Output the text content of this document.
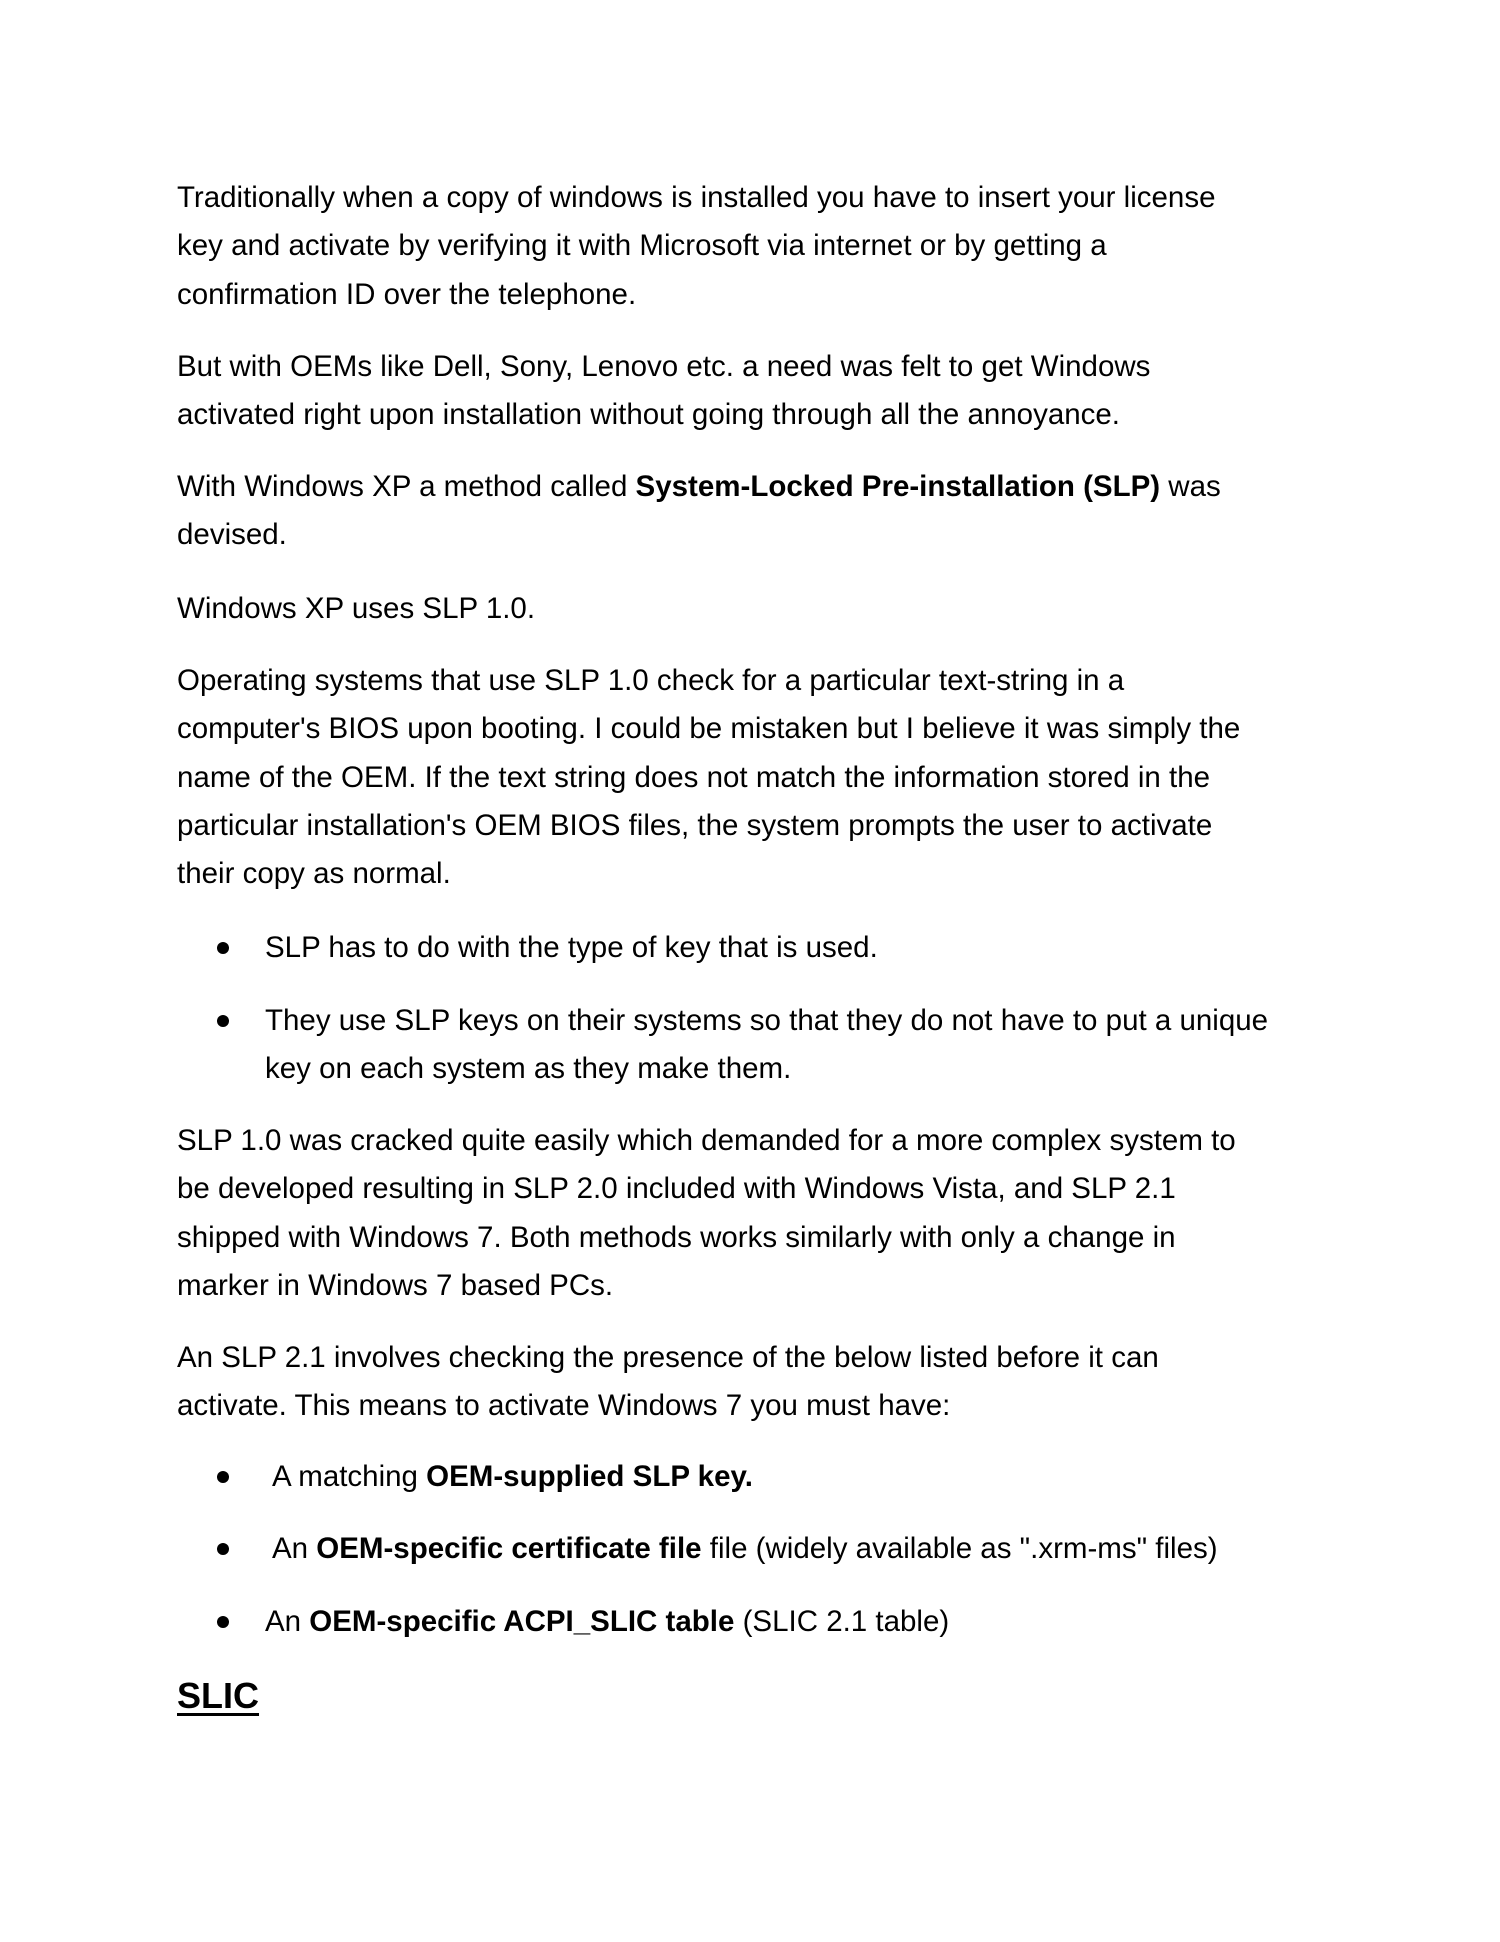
Traditionally when a copy of windows is installed you have to insert your license
key and activate by verifying it with Microsoft via internet or by getting a
confirmation ID over the telephone.

But with OEMs like Dell, Sony, Lenovo etc. a need was felt to get Windows
activated right upon installation without going through all the annoyance.

With Windows XP a method called System-Locked Pre-installation (SLP) was
devised.

Windows XP uses SLP 1.0.

Operating systems that use SLP 1.0 check for a particular text-string in a
computer's BIOS upon booting. I could be mistaken but I believe it was simply the
name of the OEM. If the text string does not match the information stored in the
particular installation's OEM BIOS files, the system prompts the user to activate
their copy as normal.

SLP has to do with the type of key that is used.
They use SLP keys on their systems so that they do not have to put a unique
key on each system as they make them.

SLP 1.0 was cracked quite easily which demanded for a more complex system to
be developed resulting in SLP 2.0 included with Windows Vista, and SLP 2.1
shipped with Windows 7. Both methods works similarly with only a change in
marker in Windows 7 based PCs.

An SLP 2.1 involves checking the presence of the below listed before it can
activate. This means to activate Windows 7 you must have:

A matching OEM-supplied SLP key.
An OEM-specific certificate file file (widely available as ".xrm-ms" files)
An OEM-specific ACPI_SLIC table (SLIC 2.1 table)
SLIC
